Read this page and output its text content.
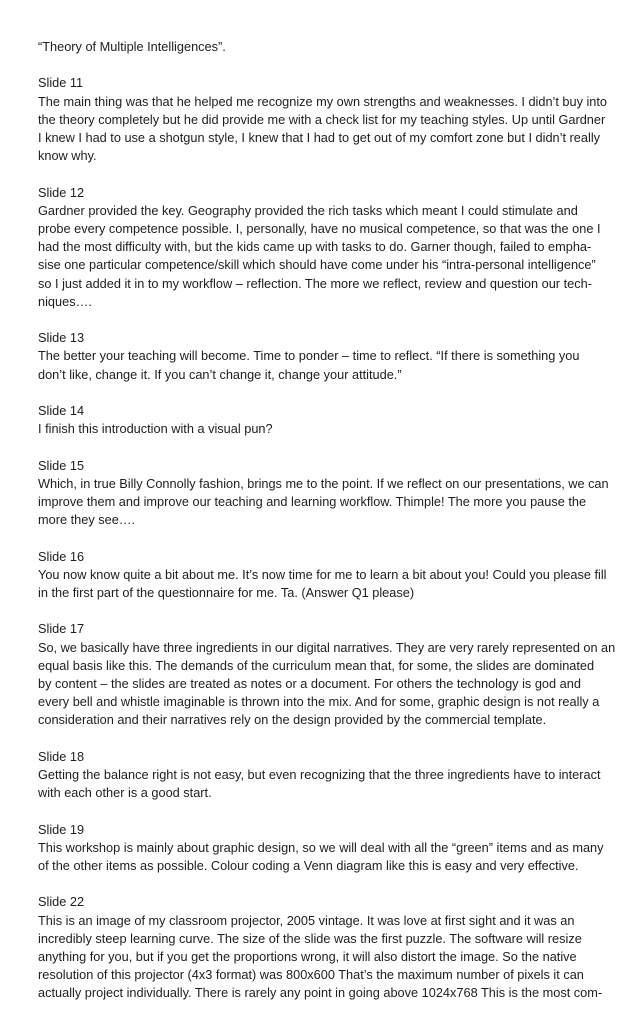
“Theory of Multiple Intelligences”.
Slide 11
The main thing was that he helped me recognize my own strengths and weaknesses. I didn’t buy into
the theory completely but he did provide me with a check list for my teaching styles. Up until Gardner
I knew I had to use a shotgun style, I knew that I had to get out of my comfort zone but I didn’t really
know why.
Slide 12
Gardner provided the key. Geography provided the rich tasks which meant I could stimulate and
probe every competence possible. I, personally, have no musical competence, so that was the one I
had the most difficulty with, but the kids came up with tasks to do. Garner though, failed to empha-
sise one particular competence/skill which should have come under his “intra-personal intelligence”
so I just added it in to my workflow – reflection. The more we reflect, review and question our tech-
niques….
Slide 13
The better your teaching will become. Time to ponder – time to reflect. “If there is something you
don’t like, change it. If you can’t change it, change your attitude.”
Slide 14
I finish this introduction with a visual pun?
Slide 15
Which, in true Billy Connolly fashion, brings me to the point. If we reflect on our presentations, we can
improve them and improve our teaching and learning workflow. Thimple! The more you pause the
more they see….
Slide 16
You now know quite a bit about me. It’s now time for me to learn a bit about you! Could you please fill
in the first part of the questionnaire for me. Ta. (Answer Q1 please)
Slide 17
So, we basically have three ingredients in our digital narratives. They are very rarely represented on an
equal basis like this. The demands of the curriculum mean that, for some, the slides are dominated
by content – the slides are treated as notes or a document. For others the technology is god and
every bell and whistle imaginable is thrown into the mix. And for some, graphic design is not really a
consideration and their narratives rely on the design provided by the commercial template.
Slide 18
Getting the balance right is not easy, but even recognizing that the three ingredients have to interact
with each other is a good start.
Slide 19
This workshop is mainly about graphic design, so we will deal with all the “green” items and as many
of the other items as possible. Colour coding a Venn diagram like this is easy and very effective.
Slide 22
This is an image of my classroom projector, 2005 vintage. It was love at first sight and it was an
incredibly steep learning curve. The size of the slide was the first puzzle. The software will resize
anything for you, but if you get the proportions wrong, it will also distort the image. So the native
resolution of this projector (4x3 format) was 800x600 That’s the maximum number of pixels it can
actually project individually. There is rarely any point in going above 1024x768 This is the most com-
